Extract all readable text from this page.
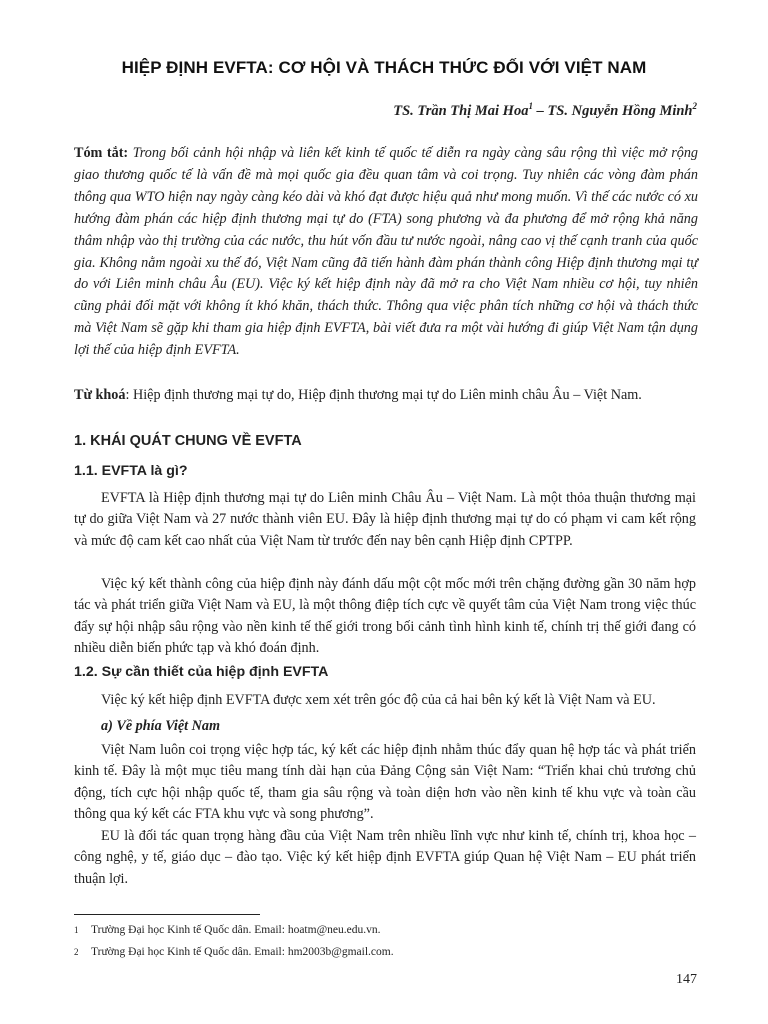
HIỆP ĐỊNH EVFTA: CƠ HỘI VÀ THÁCH THỨC ĐỐI VỚI VIỆT NAM
TS. Trần Thị Mai Hoa$^1$ – TS. Nguyễn Hồng Minh$^2$
Tóm tắt: Trong bối cảnh hội nhập và liên kết kinh tế quốc tế diễn ra ngày càng sâu rộng thì việc mở rộng giao thương quốc tế là vấn đề mà mọi quốc gia đều quan tâm và coi trọng. Tuy nhiên các vòng đàm phán thông qua WTO hiện nay ngày càng kéo dài và khó đạt được hiệu quả như mong muốn. Vì thế các nước có xu hướng đàm phán các hiệp định thương mại tự do (FTA) song phương và đa phương để mở rộng khả năng thâm nhập vào thị trường của các nước, thu hút vốn đầu tư nước ngoài, nâng cao vị thế cạnh tranh của quốc gia. Không nằm ngoài xu thế đó, Việt Nam cũng đã tiến hành đàm phán thành công Hiệp định thương mại tự do với Liên minh châu Âu (EU). Việc ký kết hiệp định này đã mở ra cho Việt Nam nhiều cơ hội, tuy nhiên cũng phải đối mặt với không ít khó khăn, thách thức. Thông qua việc phân tích những cơ hội và thách thức mà Việt Nam sẽ gặp khi tham gia hiệp định EVFTA, bài viết đưa ra một vài hướng đi giúp Việt Nam tận dụng lợi thế của hiệp định EVFTA.
Từ khoá: Hiệp định thương mại tự do, Hiệp định thương mại tự do Liên minh châu Âu – Việt Nam.
1. KHÁI QUÁT CHUNG VỀ EVFTA
1.1. EVFTA là gì?
EVFTA là Hiệp định thương mại tự do Liên minh Châu Âu – Việt Nam. Là một thỏa thuận thương mại tự do giữa Việt Nam và 27 nước thành viên EU. Đây là hiệp định thương mại tự do có phạm vi cam kết rộng và mức độ cam kết cao nhất của Việt Nam từ trước đến nay bên cạnh Hiệp định CPTPP.
Việc ký kết thành công của hiệp định này đánh dấu một cột mốc mới trên chặng đường gần 30 năm hợp tác và phát triển giữa Việt Nam và EU, là một thông điệp tích cực về quyết tâm của Việt Nam trong việc thúc đẩy sự hội nhập sâu rộng vào nền kinh tế thế giới trong bối cảnh tình hình kinh tế, chính trị thế giới đang có nhiều diễn biến phức tạp và khó đoán định.
1.2. Sự cần thiết của hiệp định EVFTA
Việc ký kết hiệp định EVFTA được xem xét trên góc độ của cả hai bên ký kết là Việt Nam và EU.
a) Về phía Việt Nam
Việt Nam luôn coi trọng việc hợp tác, ký kết các hiệp định nhằm thúc đẩy quan hệ hợp tác và phát triển kinh tế. Đây là một mục tiêu mang tính dài hạn của Đảng Cộng sản Việt Nam: “Triển khai chủ trương chủ động, tích cực hội nhập quốc tế, tham gia sâu rộng và toàn diện hơn vào nền kinh tế khu vực và toàn cầu thông qua ký kết các FTA khu vực và song phương”.
EU là đối tác quan trọng hàng đầu của Việt Nam trên nhiều lĩnh vực như kinh tế, chính trị, khoa học – công nghệ, y tế, giáo dục – đào tạo. Việc ký kết hiệp định EVFTA giúp Quan hệ Việt Nam – EU phát triển thuận lợi.
1 Trường Đại học Kinh tế Quốc dân. Email: hoatm@neu.edu.vn.
2 Trường Đại học Kinh tế Quốc dân. Email: hm2003b@gmail.com.
147
